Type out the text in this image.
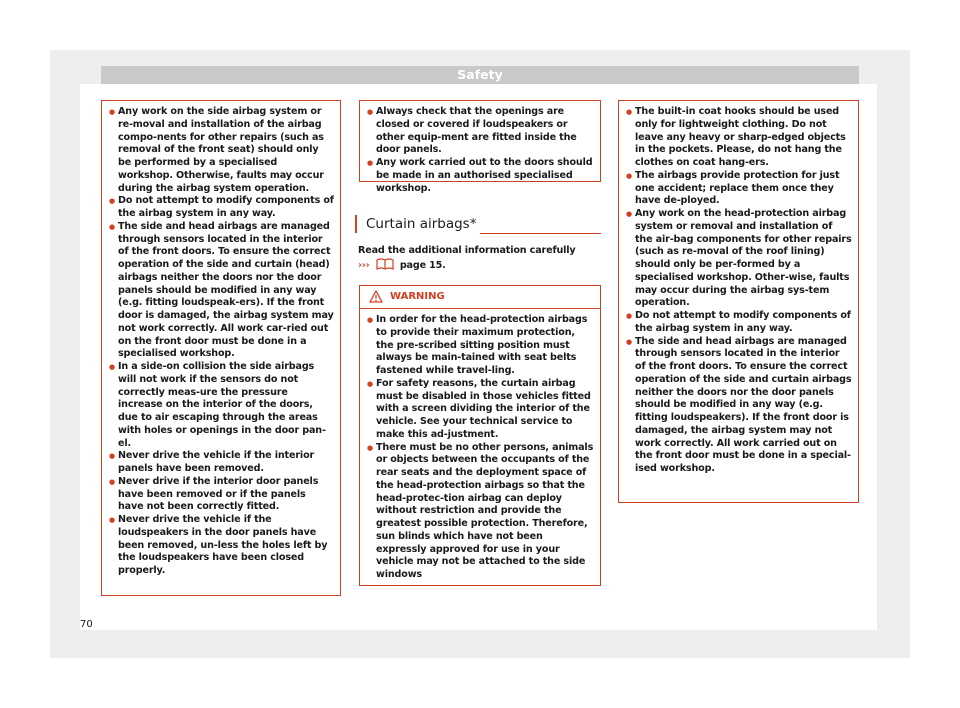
Safety
● Any work on the side airbag system or re-moval and installation of the airbag compo-nents for other repairs (such as removal of the front seat) should only be performed by a specialised workshop. Otherwise, faults may occur during the airbag system operation.
● Do not attempt to modify components of the airbag system in any way.
● The side and head airbags are managed through sensors located in the interior of the front doors. To ensure the correct operation of the side and curtain (head) airbags neither the doors nor the door panels should be modified in any way (e.g. fitting loudspeak-ers). If the front door is damaged, the airbag system may not work correctly. All work car-ried out on the front door must be done in a specialised workshop.
● In a side-on collision the side airbags will not work if the sensors do not correctly meas-ure the pressure increase on the interior of the doors, due to air escaping through the areas with holes or openings in the door pan-el.
● Never drive the vehicle if the interior panels have been removed.
● Never drive if the interior door panels have been removed or if the panels have not been correctly fitted.
● Never drive the vehicle if the loudspeakers in the door panels have been removed, un-less the holes left by the loudspeakers have been closed properly.
● Always check that the openings are closed or covered if loudspeakers or other equip-ment are fitted inside the door panels.
● Any work carried out to the doors should be made in an authorised specialised workshop.
Curtain airbags*
Read the additional information carefully
›››	page 15.
WARNING
● In order for the head-protection airbags to provide their maximum protection, the pre-scribed sitting position must always be main-tained with seat belts fastened while travel-ling.
● For safety reasons, the curtain airbag must be disabled in those vehicles fitted with a screen dividing the interior of the vehicle. See your technical service to make this ad-justment.
● There must be no other persons, animals or objects between the occupants of the rear seats and the deployment space of the head-protection airbags so that the head-protec-tion airbag can deploy without restriction and provide the greatest possible protection. Therefore, sun blinds which have not been expressly approved for use in your vehicle may not be attached to the side windows
● The built-in coat hooks should be used only for lightweight clothing. Do not leave any heavy or sharp-edged objects in the pockets. Please, do not hang the clothes on coat hang-ers.
● The airbags provide protection for just one accident; replace them once they have de-ployed.
● Any work on the head-protection airbag system or removal and installation of the air-bag components for other repairs (such as re-moval of the roof lining) should only be per-formed by a specialised workshop. Other-wise, faults may occur during the airbag sys-tem operation.
● Do not attempt to modify components of the airbag system in any way.
● The side and head airbags are managed through sensors located in the interior of the front doors. To ensure the correct operation of the side and curtain airbags neither the doors nor the door panels should be modified in any way (e.g. fitting loudspeakers). If the front door is damaged, the airbag system may not work correctly. All work carried out on the front door must be done in a special-ised workshop.
70
